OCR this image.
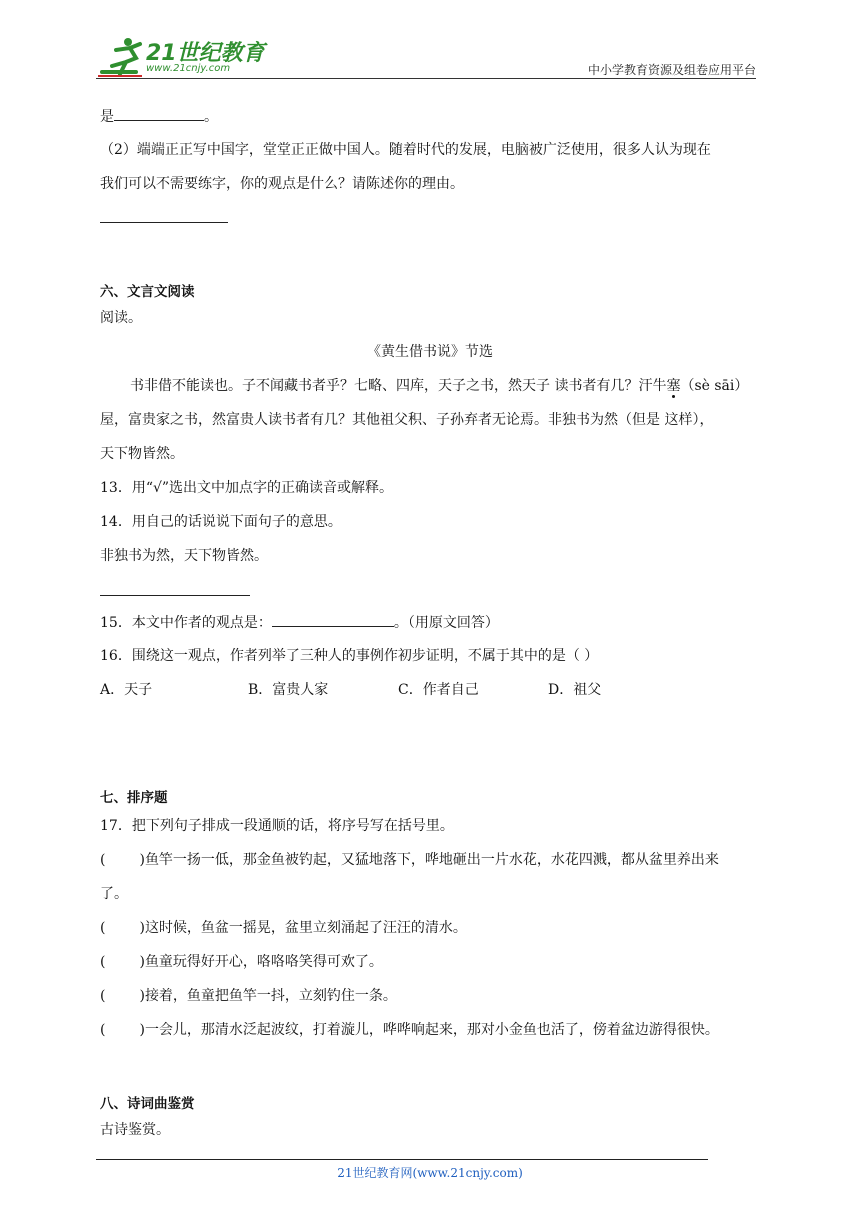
21世纪教育
www.21cnjy.com	中小学教育资源及组卷应用平台
是	。
（2）端端正正写中国字，堂堂正正做中国人。随着时代的发展，电脑被广泛使用，很多人认为现在
我们可以不需要练字，你的观点是什么？请陈述你的理由。
六、文言文阅读
阅读。
《黄生借书说》节选
书非借不能读也。子不闻藏书者乎？七略、四库，天子之书，然天子 读书者有几？汗牛塞（sè sāi）
屋，富贵家之书，然富贵人读书者有几？其他祖父积、子孙弃者无论焉。非独书为然（但是 这样），
天下物皆然。
13．用“√”选出文中加点字的正确读音或解释。
14．用自己的话说说下面句子的意思。
非独书为然，天下物皆然。
15．本文中作者的观点是：	。（用原文回答）
16．围绕这一观点，作者列举了三种人的事例作初步证明，不属于其中的是（ ）
A．天子	B．富贵人家	C．作者自己	D．祖父
七、排序题
17．把下列句子排成一段通顺的话，将序号写在括号里。
( )鱼竿一扬一低，那金鱼被钓起，又猛地落下，哗地砸出一片水花，水花四溅，都从盆里养出来
了。
( )这时候，鱼盆一摇晃，盆里立刻涌起了汪汪的清水。
( )鱼童玩得好开心，咯咯咯笑得可欢了。
( )接着，鱼童把鱼竿一抖，立刻钓住一条。
( )一会儿，那清水泛起波纹，打着漩儿，哗哗响起来，那对小金鱼也活了，傍着盆边游得很快。
八、诗词曲鉴赏
古诗鉴赏。
21世纪教育网(www.21cnjy.com)
